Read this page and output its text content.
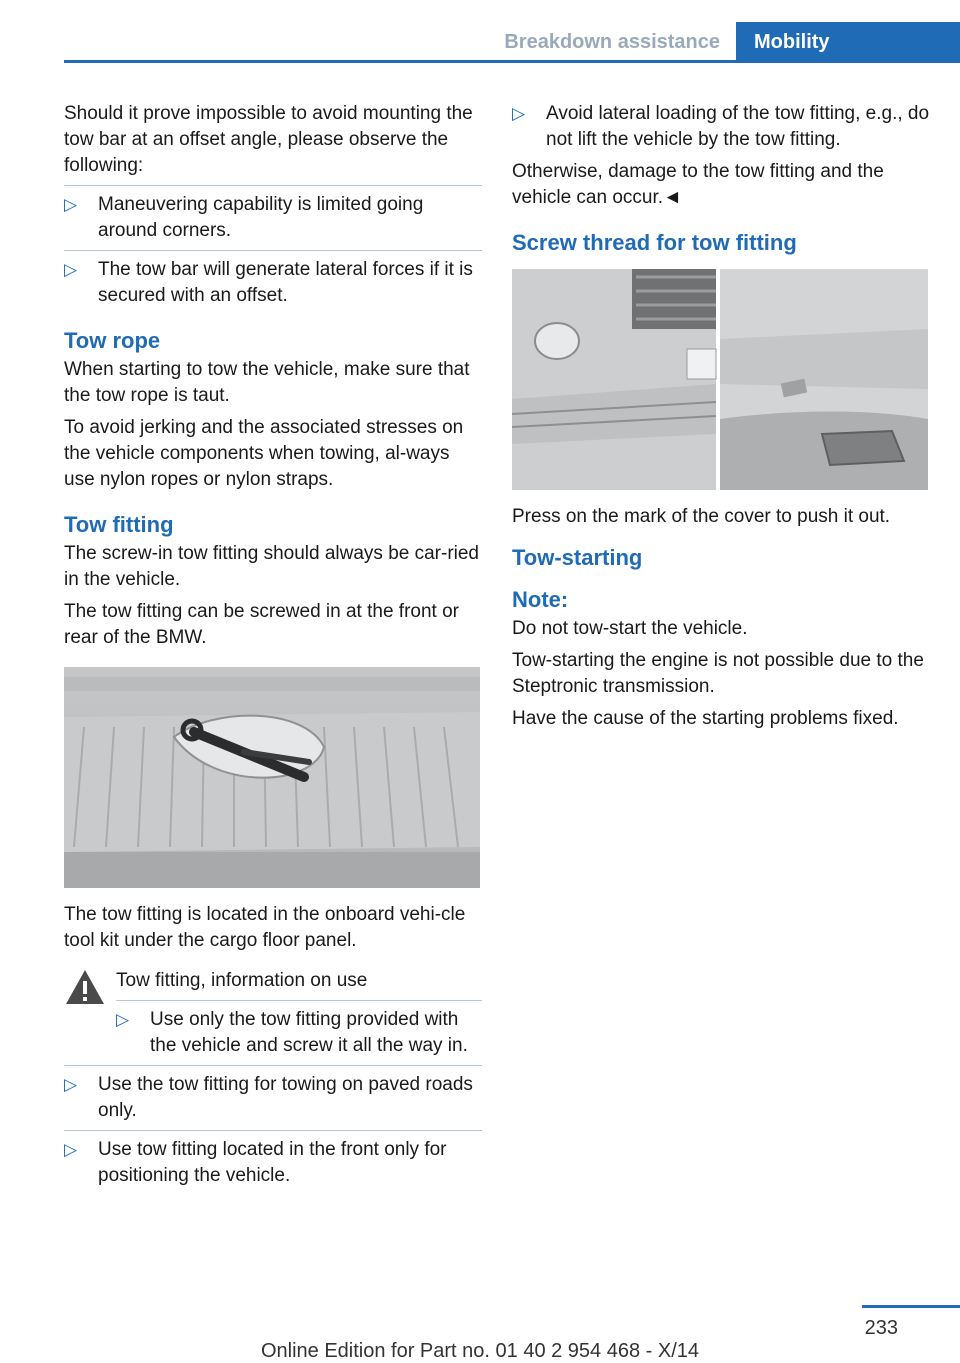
Breakdown assistance	Mobility

Should it prove impossible to avoid mounting the tow bar at an offset angle, please observe the following:

▷ Maneuvering capability is limited going around corners.
▷ The tow bar will generate lateral forces if it is secured with an offset.
Tow rope

When starting to tow the vehicle, make sure that the tow rope is taut.

To avoid jerking and the associated stresses on the vehicle components when towing, al-ways use nylon ropes or nylon straps.

Tow fitting

The screw-in tow fitting should always be car-ried in the vehicle.

The tow fitting can be screwed in at the front or rear of the BMW.

The tow fitting is located in the onboard vehi-cle tool kit under the cargo floor panel.

Tow fitting, information on use

▷ Use only the tow fitting provided with the vehicle and screw it all the way in.
▷ Use the tow fitting for towing on paved roads only.
▷ Use tow fitting located in the front only for positioning the vehicle.
▷ Avoid lateral loading of the tow fitting, e.g., do not lift the vehicle by the tow fitting.

Otherwise, damage to the tow fitting and the vehicle can occur.◄

Screw thread for tow fitting

Press on the mark of the cover to push it out.

Tow-starting
Note:

Do not tow-start the vehicle.

Tow-starting the engine is not possible due to the Steptronic transmission.

Have the cause of the starting problems fixed.

233
Online Edition for Part no. 01 40 2 954 468 - X/14
